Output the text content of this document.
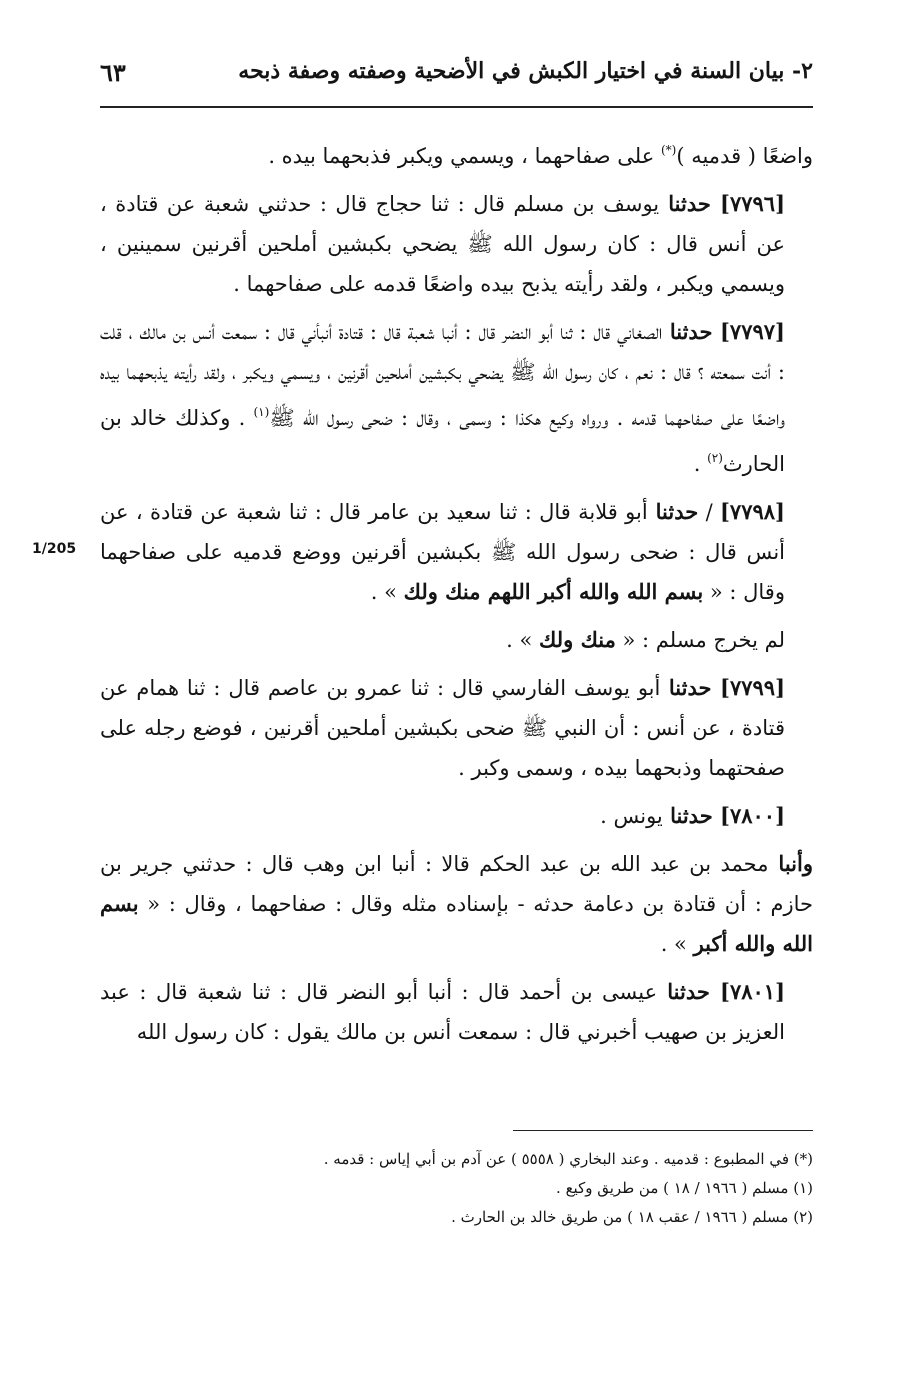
٢- بيان السنة في اختيار الكبش في الأضحية وصفته وصفة ذبحه
٦٣
1/205

واضعًا ( قدميه )(*) على صفاحهما ، ويسمي ويكبر فذبحهما بيده .

[٧٧٩٦] حدثنا يوسف بن مسلم قال : ثنا حجاج قال : حدثني شعبة عن قتادة ، عن أنس قال : كان رسول الله ﷺ يضحي بكبشين أملحين أقرنين سمينين ، ويسمي ويكبر ، ولقد رأيته يذبح بيده واضعًا قدمه على صفاحهما .

[٧٧٩٧] حدثنا الصغاني قال : ثنا أبو النضر قال : أنبا شعبة قال : قتادة أنبأني قال : سمعت أنس بن مالك ، قلت : أنت سمعته ؟ قال : نعم ، كان رسول الله ﷺ يضحي بكبشين أملحين أقرنين ، ويسمي ويكبر ، ولقد رأيته يذبحهما بيده واضعًا على صفاحهما قدمه . ورواه وكيع هكذا : وسمى ، وقال : ضحى رسول الله ﷺ$^{(١)}$ . وكذلك خالد بن الحارث$^{(٢)}$ .

[٧٧٩٨] / حدثنا أبو قلابة قال : ثنا سعيد بن عامر قال : ثنا شعبة عن قتادة ، عن أنس قال : ضحى رسول الله ﷺ بكبشين أقرنين ووضع قدميه على صفاحهما وقال : « بسم الله والله أكبر اللهم منك ولك » .

لم يخرج مسلم : « منك ولك » .

[٧٧٩٩] حدثنا أبو يوسف الفارسي قال : ثنا عمرو بن عاصم قال : ثنا همام عن قتادة ، عن أنس : أن النبي ﷺ ضحى بكبشين أملحين أقرنين ، فوضع رجله على صفحتهما وذبحهما بيده ، وسمى وكبر .

[٧٨٠٠] حدثنا يونس .

وأنبا محمد بن عبد الله بن عبد الحكم قالا : أنبا ابن وهب قال : حدثني جرير بن حازم : أن قتادة بن دعامة حدثه - بإسناده مثله وقال : صفاحهما ، وقال : « بسم الله والله أكبر » .

[٧٨٠١] حدثنا عيسى بن أحمد قال : أنبا أبو النضر قال : ثنا شعبة قال : عبد العزيز بن صهيب أخبرني قال : سمعت أنس بن مالك يقول : كان رسول الله

(*) في المطبوع : قدميه . وعند البخاري ( ٥٥٥٨ ) عن آدم بن أبي إياس : قدمه .
(١) مسلم ( ١٩٦٦ / ١٨ ) من طريق وكيع .
(٢) مسلم ( ١٩٦٦ / عقب ١٨ ) من طريق خالد بن الحارث .
